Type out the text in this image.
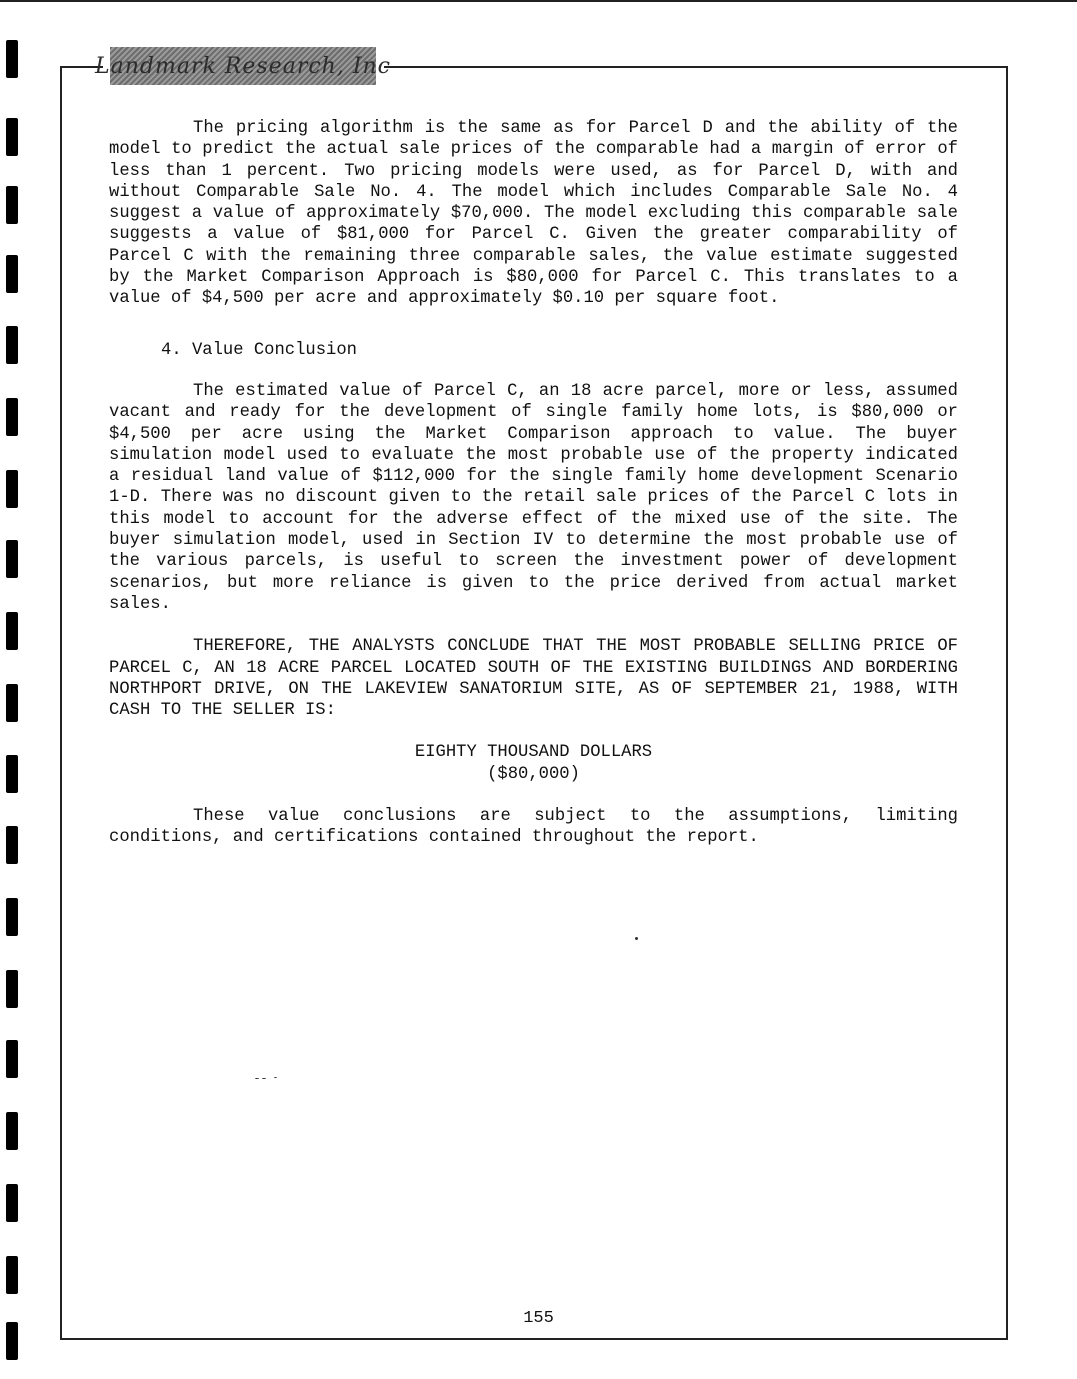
Landmark Research, Inc

The pricing algorithm is the same as for Parcel D and the ability of the model to predict the actual sale prices of the comparable had a margin of error of less than 1 percent. Two pricing models were used, as for Parcel D, with and without Comparable Sale No. 4. The model which includes Comparable Sale No. 4 suggest a value of approximately $70,000. The model excluding this comparable sale suggests a value of $81,000 for Parcel C. Given the greater comparability of Parcel C with the remaining three comparable sales, the value estimate suggested by the Market Comparison Approach is $80,000 for Parcel C. This translates to a value of $4,500 per acre and approximately $0.10 per square foot.

4. Value Conclusion

The estimated value of Parcel C, an 18 acre parcel, more or less, assumed vacant and ready for the development of single family home lots, is $80,000 or $4,500 per acre using the Market Comparison approach to value. The buyer simulation model used to evaluate the most probable use of the property indicated a residual land value of $112,000 for the single family home development Scenario 1-D. There was no discount given to the retail sale prices of the Parcel C lots in this model to account for the adverse effect of the mixed use of the site. The buyer simulation model, used in Section IV to determine the most probable use of the various parcels, is useful to screen the investment power of development scenarios, but more reliance is given to the price derived from actual market sales.

THEREFORE, THE ANALYSTS CONCLUDE THAT THE MOST PROBABLE SELLING PRICE OF PARCEL C, AN 18 ACRE PARCEL LOCATED SOUTH OF THE EXISTING BUILDINGS AND BORDERING NORTHPORT DRIVE, ON THE LAKEVIEW SANATORIUM SITE, AS OF SEPTEMBER 21, 1988, WITH CASH TO THE SELLER IS:

EIGHTY THOUSAND DOLLARS
($80,000)

These value conclusions are subject to the assumptions, limiting conditions, and certifications contained throughout the report.

155
